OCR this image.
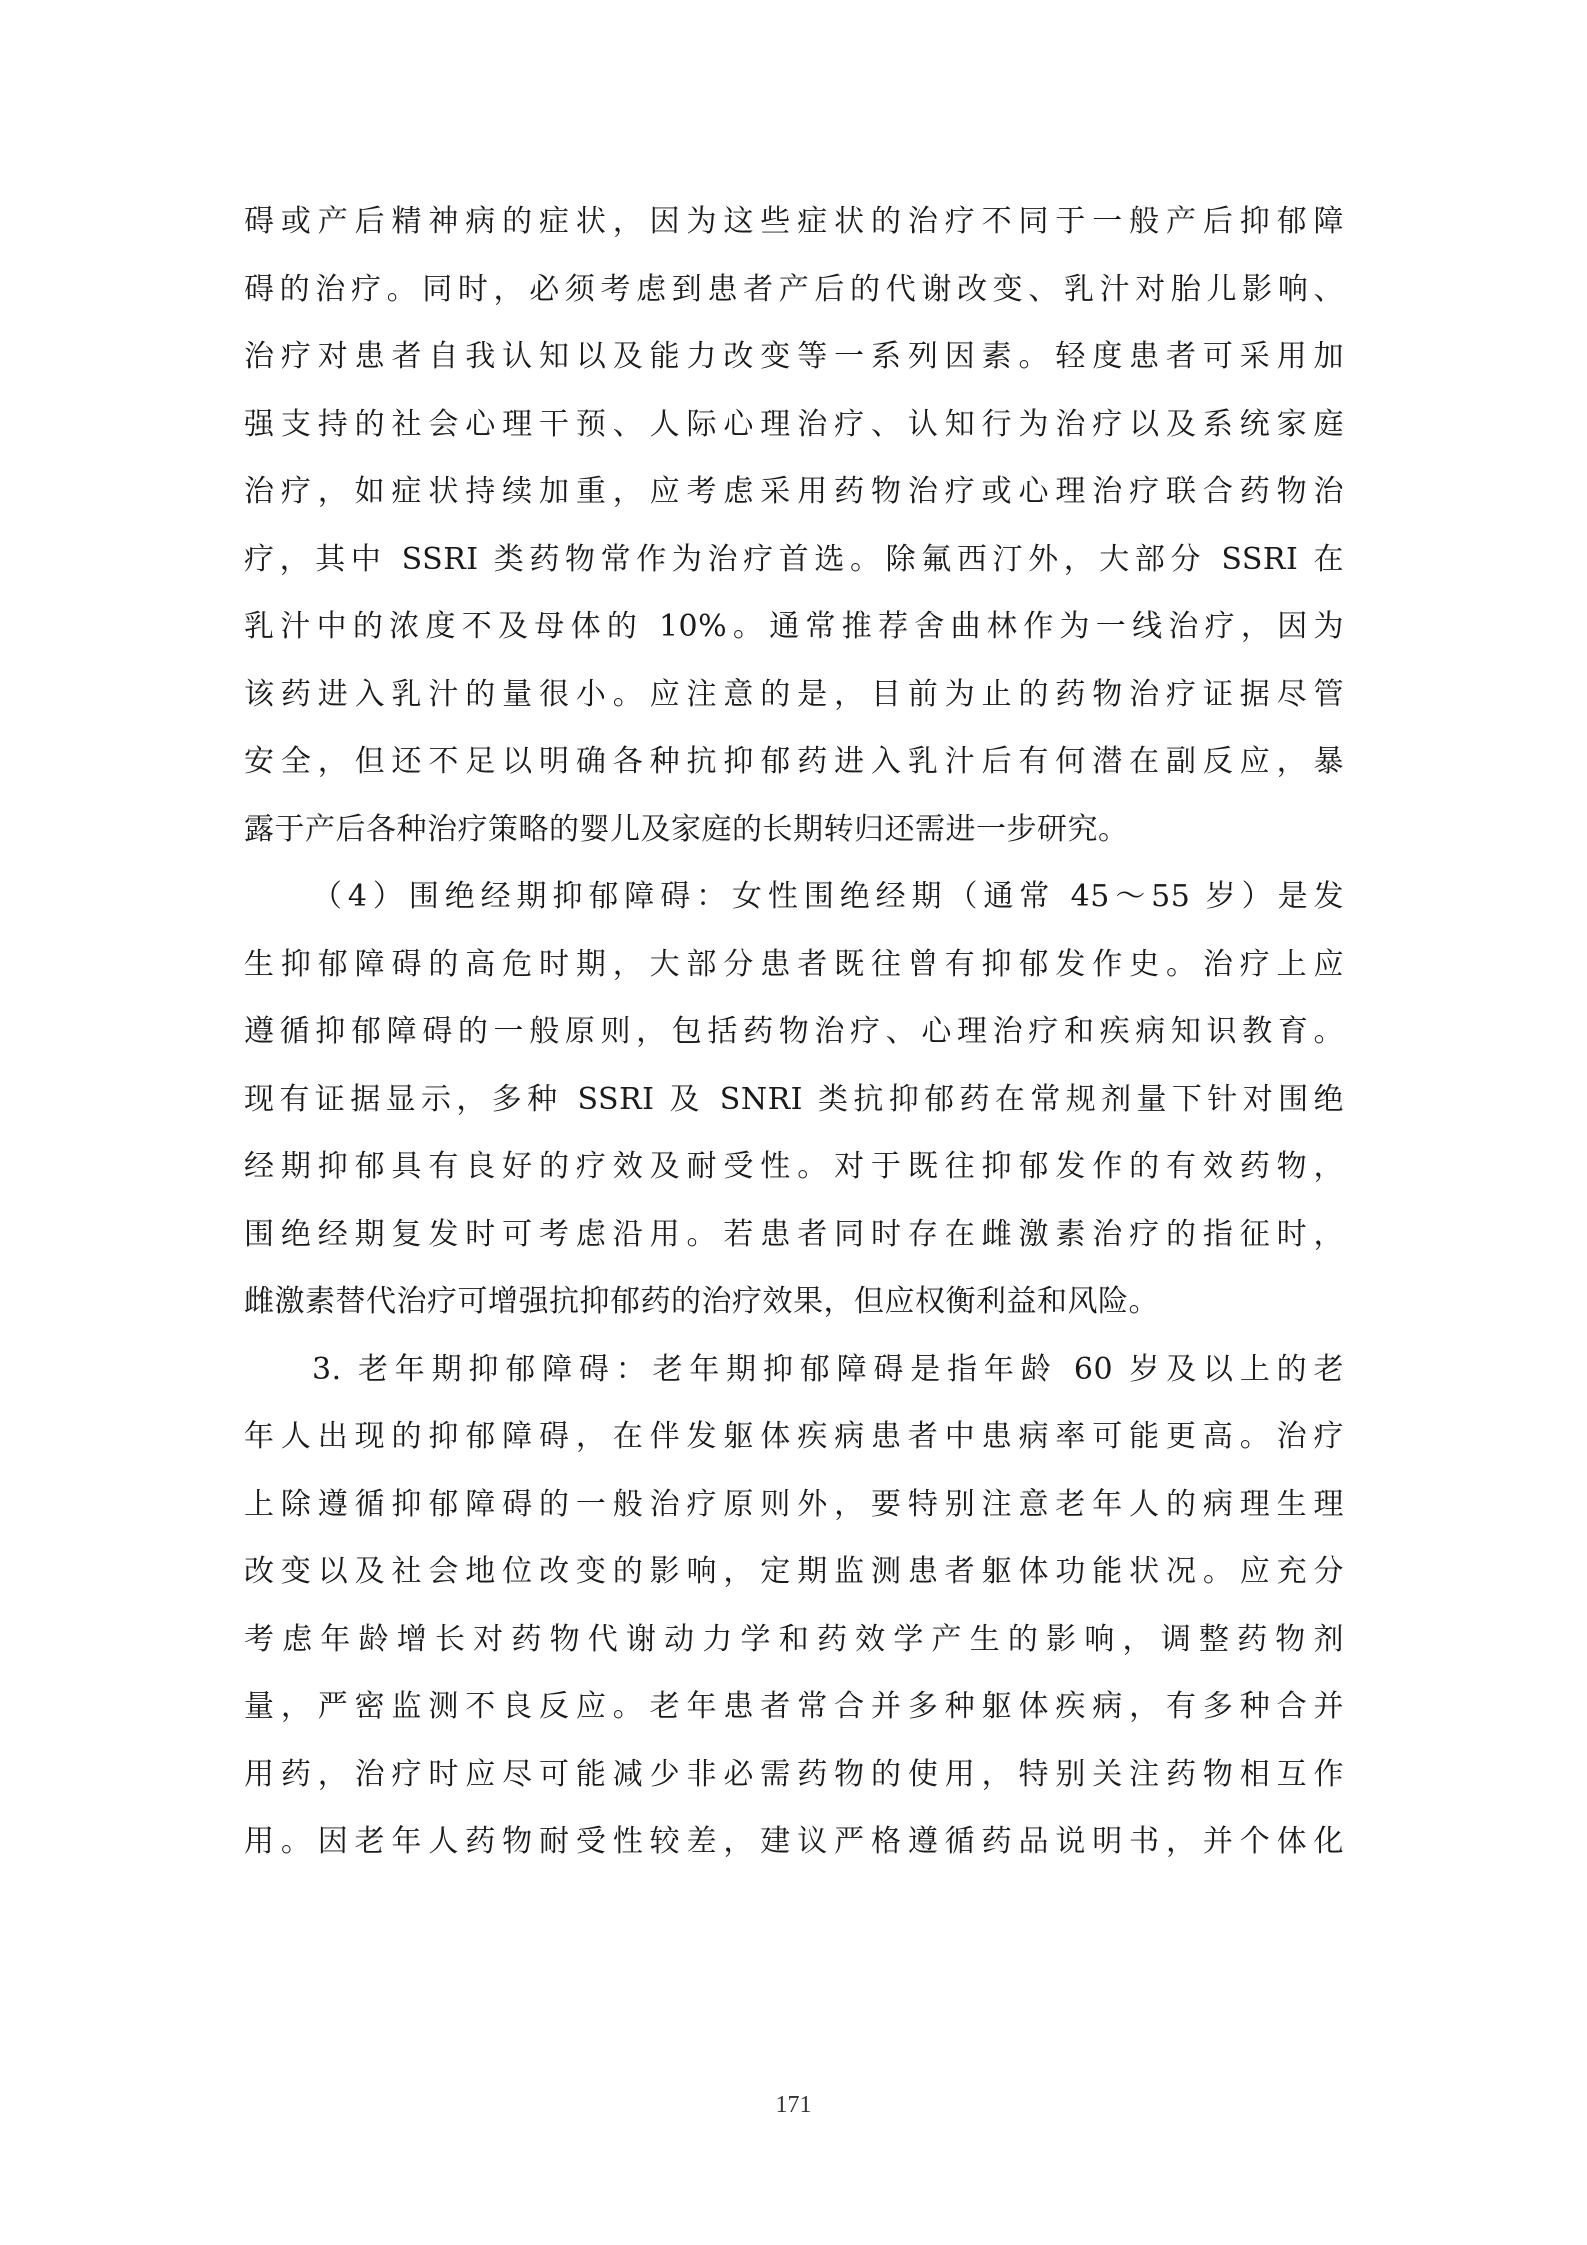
碍或产后精神病的症状，因为这些症状的治疗不同于一般产后抑郁障
碍的治疗。同时，必须考虑到患者产后的代谢改变、乳汁对胎儿影响、
治疗对患者自我认知以及能力改变等一系列因素。轻度患者可采用加
强支持的社会心理干预、人际心理治疗、认知行为治疗以及系统家庭
治疗，如症状持续加重，应考虑采用药物治疗或心理治疗联合药物治
疗，其中 SSRI 类药物常作为治疗首选。除氟西汀外，大部分 SSRI 在
乳汁中的浓度不及母体的 10%。通常推荐舍曲林作为一线治疗，因为
该药进入乳汁的量很小。应注意的是，目前为止的药物治疗证据尽管
安全，但还不足以明确各种抗抑郁药进入乳汁后有何潜在副反应，暴
露于产后各种治疗策略的婴儿及家庭的长期转归还需进一步研究。
（4）围绝经期抑郁障碍：女性围绝经期（通常 45～55 岁）是发
生抑郁障碍的高危时期，大部分患者既往曾有抑郁发作史。治疗上应
遵循抑郁障碍的一般原则，包括药物治疗、心理治疗和疾病知识教育。
现有证据显示，多种 SSRI 及 SNRI 类抗抑郁药在常规剂量下针对围绝
经期抑郁具有良好的疗效及耐受性。对于既往抑郁发作的有效药物，
围绝经期复发时可考虑沿用。若患者同时存在雌激素治疗的指征时，
雌激素替代治疗可增强抗抑郁药的治疗效果，但应权衡利益和风险。
3. 老年期抑郁障碍：老年期抑郁障碍是指年龄 60 岁及以上的老
年人出现的抑郁障碍，在伴发躯体疾病患者中患病率可能更高。治疗
上除遵循抑郁障碍的一般治疗原则外，要特别注意老年人的病理生理
改变以及社会地位改变的影响，定期监测患者躯体功能状况。应充分
考虑年龄增长对药物代谢动力学和药效学产生的影响，调整药物剂
量，严密监测不良反应。老年患者常合并多种躯体疾病，有多种合并
用药，治疗时应尽可能减少非必需药物的使用，特别关注药物相互作
用。因老年人药物耐受性较差，建议严格遵循药品说明书，并个体化
171
